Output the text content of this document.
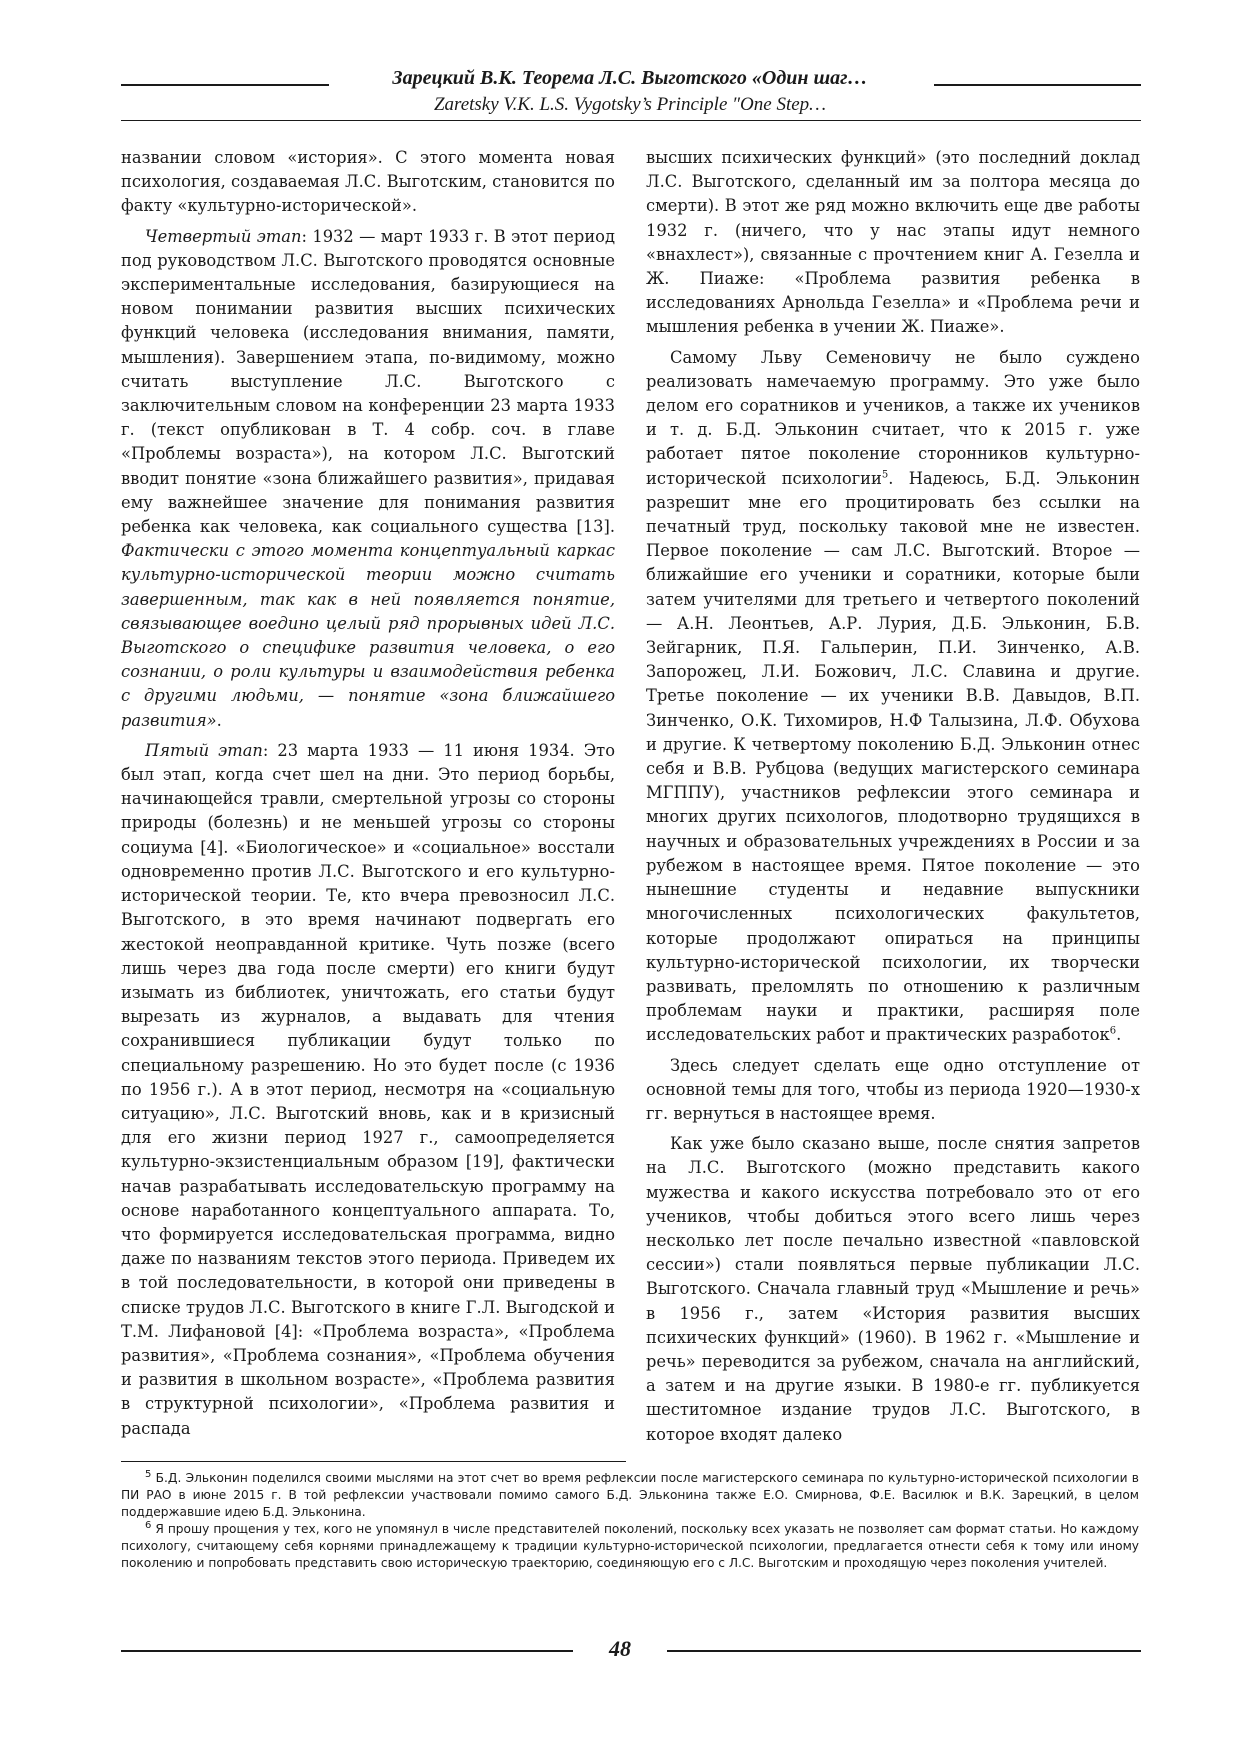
Зарецкий В.К. Теорема Л.С. Выготского «Один шаг…
Zaretsky V.K. L.S. Vygotsky’s Principle ″One Step…

названии словом «история». С этого момента новая психология, создаваемая Л.С. Выготским, становится по факту «культурно-исторической».

Четвертый этап: 1932 — март 1933 г. В этот период под руководством Л.С. Выготского проводятся основные экспериментальные исследования, базирующиеся на новом понимании развития высших психических функций человека (исследования внимания, памяти, мышления). Завершением этапа, по-видимому, можно считать выступление Л.С. Выготского с заключительным словом на конференции 23 марта 1933 г. (текст опубликован в Т. 4 собр. соч. в главе «Проблемы возраста»), на котором Л.С. Выготский вводит понятие «зона ближайшего развития», придавая ему важнейшее значение для понимания развития ребенка как человека, как социального существа [13]. Фактически с этого момента концептуальный каркас культурно-исторической теории можно считать завершенным, так как в ней появляется понятие, связывающее воедино целый ряд прорывных идей Л.С. Выготского о специфике развития человека, о его сознании, о роли культуры и взаимодействия ребенка с другими людьми, — понятие «зона ближайшего развития».

Пятый этап: 23 марта 1933 — 11 июня 1934. Это был этап, когда счет шел на дни. Это период борьбы, начинающейся травли, смертельной угрозы со стороны природы (болезнь) и не меньшей угрозы со стороны социума [4]. «Биологическое» и «социальное» восстали одновременно против Л.С. Выготского и его культурно-исторической теории. Те, кто вчера превозносил Л.С. Выготского, в это время начинают подвергать его жестокой неоправданной критике. Чуть позже (всего лишь через два года после смерти) его книги будут изымать из библиотек, уничтожать, его статьи будут вырезать из журналов, а выдавать для чтения сохранившиеся публикации будут только по специальному разрешению. Но это будет после (с 1936 по 1956 г.). А в этот период, несмотря на «социальную ситуацию», Л.С. Выготский вновь, как и в кризисный для его жизни период 1927 г., самоопределяется культурно-экзистенциальным образом [19], фактически начав разрабатывать исследовательскую программу на основе наработанного концептуального аппарата. То, что формируется исследовательская программа, видно даже по названиям текстов этого периода. Приведем их в той последовательности, в которой они приведены в списке трудов Л.С. Выготского в книге Г.Л. Выгодской и Т.М. Лифановой [4]: «Проблема возраста», «Проблема развития», «Проблема сознания», «Проблема обучения и развития в школьном возрасте», «Проблема развития в структурной психологии», «Проблема развития и распада

высших психических функций» (это последний доклад Л.С. Выготского, сделанный им за полтора месяца до смерти). В этот же ряд можно включить еще две работы 1932 г. (ничего, что у нас этапы идут немного «внахлест»), связанные с прочтением книг А. Гезелла и Ж. Пиаже: «Проблема развития ребенка в исследованиях Арнольда Гезелла» и «Проблема речи и мышления ребенка в учении Ж. Пиаже».

Самому Льву Семеновичу не было суждено реализовать намечаемую программу. Это уже было делом его соратников и учеников, а также их учеников и т. д. Б.Д. Эльконин считает, что к 2015 г. уже работает пятое поколение сторонников культурно-исторической психологии$^5$. Надеюсь, Б.Д. Эльконин разрешит мне его процитировать без ссылки на печатный труд, поскольку таковой мне не известен. Первое поколение — сам Л.С. Выготский. Второе — ближайшие его ученики и соратники, которые были затем учителями для третьего и четвертого поколений — А.Н. Леонтьев, А.Р. Лурия, Д.Б. Эльконин, Б.В. Зейгарник, П.Я. Гальперин, П.И. Зинченко, А.В. Запорожец, Л.И. Божович, Л.С. Славина и другие. Третье поколение — их ученики В.В. Давыдов, В.П. Зинченко, О.К. Тихомиров, Н.Ф Талызина, Л.Ф. Обухова и другие. К четвертому поколению Б.Д. Эльконин отнес себя и В.В. Рубцова (ведущих магистерского семинара МГППУ), участников рефлексии этого семинара и многих других психологов, плодотворно трудящихся в научных и образовательных учреждениях в России и за рубежом в настоящее время. Пятое поколение — это нынешние студенты и недавние выпускники многочисленных психологических факультетов, которые продолжают опираться на принципы культурно-исторической психологии, их творчески развивать, преломлять по отношению к различным проблемам науки и практики, расширяя поле исследовательских работ и практических разработок$^6$.

Здесь следует сделать еще одно отступление от основной темы для того, чтобы из периода 1920—1930-х гг. вернуться в настоящее время.

Как уже было сказано выше, после снятия запретов на Л.С. Выготского (можно представить какого мужества и какого искусства потребовало это от его учеников, чтобы добиться этого всего лишь через несколько лет после печально известной «павловской сессии») стали появляться первые публикации Л.С. Выготского. Сначала главный труд «Мышление и речь» в 1956 г., затем «История развития высших психических функций» (1960). В 1962 г. «Мышление и речь» переводится за рубежом, сначала на английский, а затем и на другие языки. В 1980-е гг. публикуется шеститомное издание трудов Л.С. Выготского, в которое входят далеко

$^5$ Б.Д. Эльконин поделился своими мыслями на этот счет во время рефлексии после магистерского семинара по культурно-исторической психологии в ПИ РАО в июне 2015 г. В той рефлексии участвовали помимо самого Б.Д. Эльконина также Е.О. Смирнова, Ф.Е. Василюк и В.К. Зарецкий, в целом поддержавшие идею Б.Д. Эльконина.

$^6$ Я прошу прощения у тех, кого не упомянул в числе представителей поколений, поскольку всех указать не позволяет сам формат статьи. Но каждому психологу, считающему себя корнями принадлежащему к традиции культурно-исторической психологии, предлагается отнести себя к тому или иному поколению и попробовать представить свою историческую траекторию, соединяющую его с Л.С. Выготским и проходящую через поколения учителей.

48
